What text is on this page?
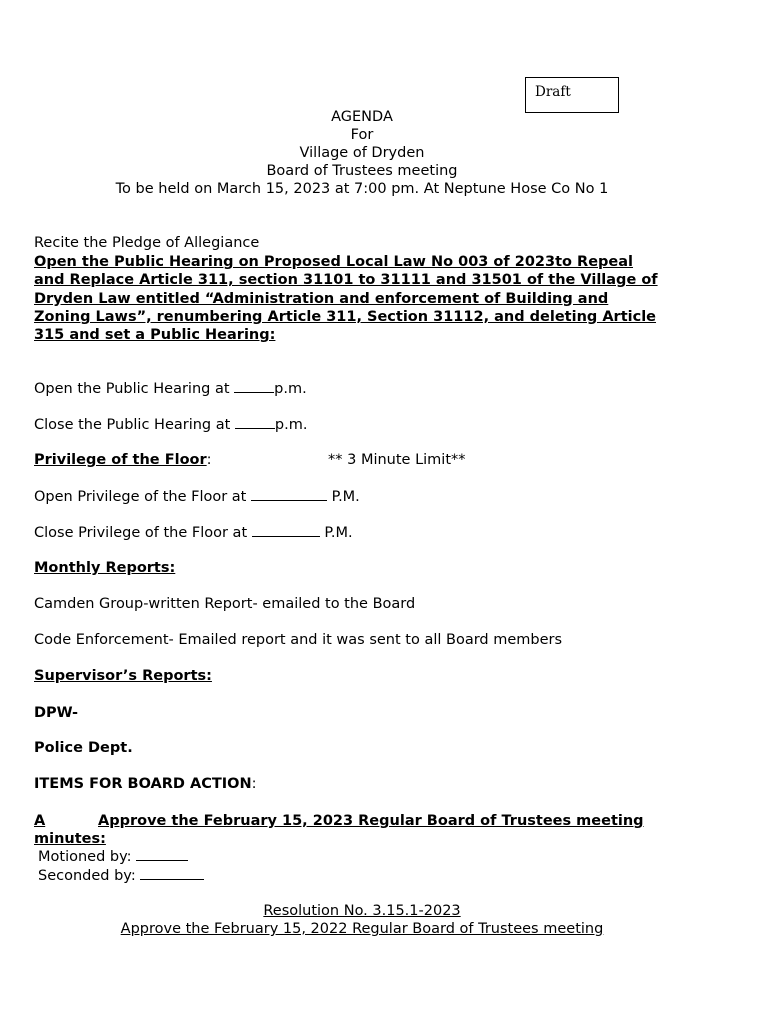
Draft
AGENDA
For
Village of Dryden
Board of Trustees meeting
To be held on March 15, 2023 at 7:00 pm. At Neptune Hose Co No 1
Recite the Pledge of Allegiance
Open the Public Hearing on Proposed Local Law No 003 of 2023to Repeal
and Replace Article 311, section 31101 to 31111 and 31501 of the Village of
Dryden Law entitled “Administration and enforcement of Building and
Zoning Laws”, renumbering Article 311, Section 31112, and deleting Article
315 and set a Public Hearing:
Open the Public Hearing at	p.m.
Close the Public Hearing at	p.m.
Privilege of the Floor:	** 3 Minute Limit**
Open Privilege of the Floor at	P.M.
Close Privilege of the Floor at	P.M.
Monthly Reports:
Camden Group-written Report- emailed to the Board
Code Enforcement- Emailed report and it was sent to all Board members
Supervisor’s Reports:
DPW-
Police Dept.
ITEMS FOR BOARD ACTION:
A	Approve the February 15, 2023 Regular Board of Trustees meeting
minutes:
Motioned by:
Seconded by:
Resolution No. 3.15.1-2023
Approve the February 15, 2022 Regular Board of Trustees meeting
